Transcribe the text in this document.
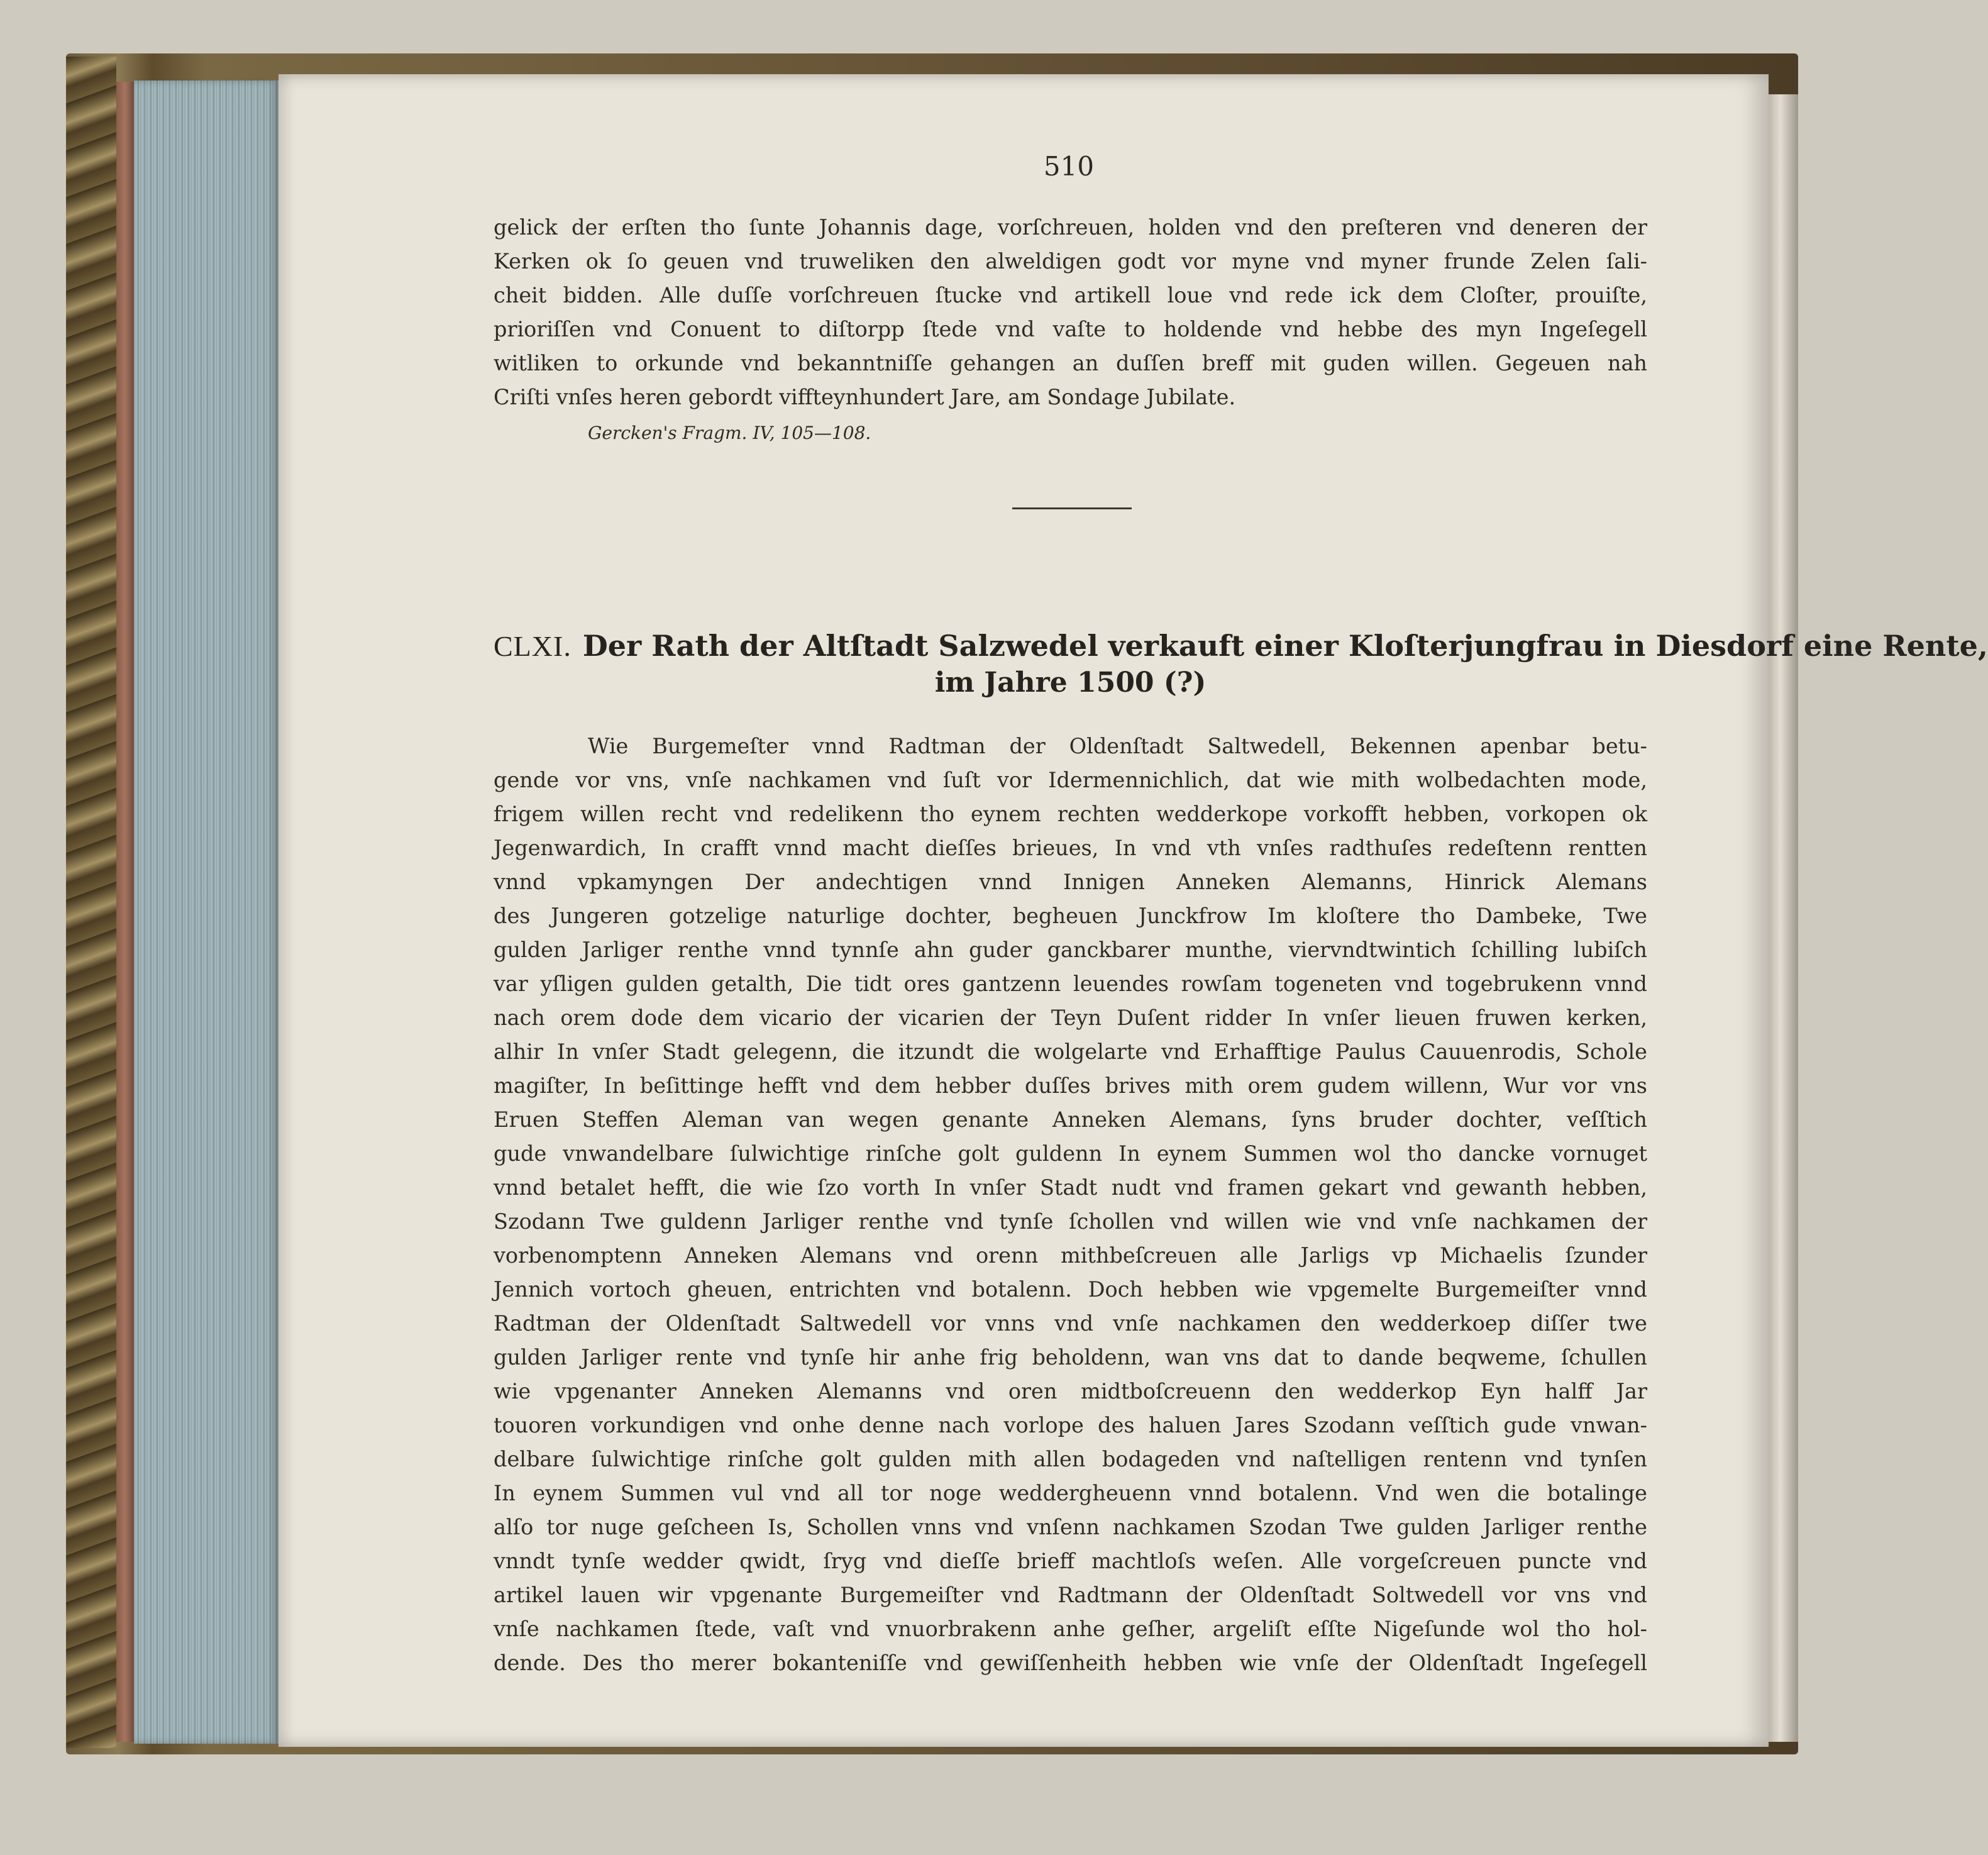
510
gelick der erſten tho ſunte Johannis dage, vorſchreuen, holden vnd den preſteren vnd deneren der
Kerken ok ſo geuen vnd truweliken den alweldigen godt vor myne vnd myner frunde Zelen ſali-
cheit bidden. Alle duſſe vorſchreuen ſtucke vnd artikell loue vnd rede ick dem Cloſter, prouiſte,
prioriſſen vnd Conuent to diſtorpp ſtede vnd vaſte to holdende vnd hebbe des myn Ingeſegell
witliken to orkunde vnd bekanntniſſe gehangen an duſſen breff mit guden willen. Gegeuen nah
Criſti vnſes heren gebordt viffteynhundert Jare, am Sondage Jubilate.
Gercken's Fragm. IV, 105—108.
CLXI. Der Rath der Altſtadt Salzwedel verkauft einer Kloſterjungfrau in Diesdorf eine Rente,
im Jahre 1500 (?)
Wie Burgemeſter vnnd Radtman der Oldenſtadt Saltwedell, Bekennen apenbar betu-
gende vor vns, vnſe nachkamen vnd ſuſt vor Idermennichlich, dat wie mith wolbedachten mode,
frigem willen recht vnd redelikenn tho eynem rechten wedderkope vorkofft hebben, vorkopen ok
Jegenwardich, In crafft vnnd macht dieſſes brieues, In vnd vth vnſes radthuſes redeſtenn rentten
vnnd vpkamyngen Der andechtigen vnnd Innigen Anneken Alemanns, Hinrick Alemans
des Jungeren gotzelige naturlige dochter, begheuen Junckfrow Im kloſtere tho Dambeke, Twe
gulden Jarliger renthe vnnd tynnſe ahn guder ganckbarer munthe, viervndtwintich ſchilling lubiſch
var yſligen gulden getalth, Die tidt ores gantzenn leuendes rowſam togeneten vnd togebrukenn vnnd
nach orem dode dem vicario der vicarien der Teyn Duſent ridder In vnſer lieuen fruwen kerken,
alhir In vnſer Stadt gelegenn, die itzundt die wolgelarte vnd Erhafftige Paulus Cauuenrodis, Schole
magiſter, In beſittinge hefft vnd dem hebber duſſes brives mith orem gudem willenn, Wur vor vns
Eruen Steffen Aleman van wegen genante Anneken Alemans, ſyns bruder dochter, veſſtich
gude vnwandelbare ſulwichtige rinſche golt guldenn In eynem Summen wol tho dancke vornuget
vnnd betalet hefft, die wie ſzo vorth In vnſer Stadt nudt vnd framen gekart vnd gewanth hebben,
Szodann Twe guldenn Jarliger renthe vnd tynſe ſchollen vnd willen wie vnd vnſe nachkamen der
vorbenomptenn Anneken Alemans vnd orenn mithbeſcreuen alle Jarligs vp Michaelis ſzunder
Jennich vortoch gheuen, entrichten vnd botalenn. Doch hebben wie vpgemelte Burgemeiſter vnnd
Radtman der Oldenſtadt Saltwedell vor vnns vnd vnſe nachkamen den wedderkoep diſſer twe
gulden Jarliger rente vnd tynſe hir anhe frig beholdenn, wan vns dat to dande beqweme, ſchullen
wie vpgenanter Anneken Alemanns vnd oren midtboſcreuenn den wedderkop Eyn halff Jar
touoren vorkundigen vnd onhe denne nach vorlope des haluen Jares Szodann veſſtich gude vnwan-
delbare ſulwichtige rinſche golt gulden mith allen bodageden vnd naſtelligen rentenn vnd tynſen
In eynem Summen vul vnd all tor noge weddergheuenn vnnd botalenn. Vnd wen die botalinge
alſo tor nuge geſcheen Is, Schollen vnns vnd vnſenn nachkamen Szodan Twe gulden Jarliger renthe
vnndt tynſe wedder qwidt, ſryg vnd dieſſe brieff machtloſs weſen. Alle vorgeſcreuen puncte vnd
artikel lauen wir vpgenante Burgemeiſter vnd Radtmann der Oldenſtadt Soltwedell vor vns vnd
vnſe nachkamen ſtede, vaſt vnd vnuorbrakenn anhe geſher, argeliſt eſſte Nigeſunde wol tho hol-
dende. Des tho merer bokanteniſſe vnd gewiſſenheith hebben wie vnſe der Oldenſtadt Ingeſegell
